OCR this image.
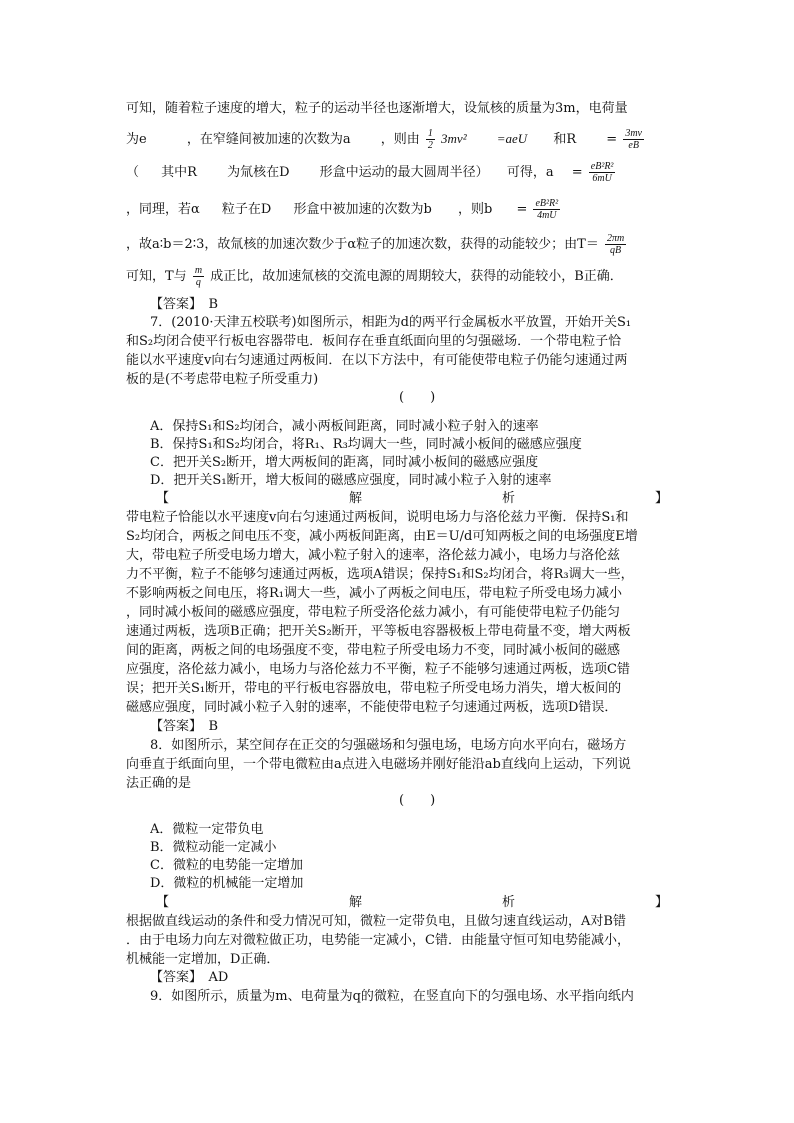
可知，随着粒子速度的增大，粒子的运动半径也逐渐增大，设氚核的质量为3m，电荷量
为e	，在窄缝间被加速的次数为a ，则由 $\frac{1}{2} 3mv^2 =aeU$ 和$R = \frac{3mv}{eB}$
（ 其中R 为氚核在D 形盒中运动的最大圆周半径） 可得，$a = \frac{\text{eB²R²}}{6mU}$
，同理，若α 粒子在D 形盒中被加速的次数为b ，则$b = \frac{\text{eB²R²}}{4mU}$
，故a∶b＝2∶3，故氚核的加速次数少于α粒子的加速次数，获得的动能较少；由$T= \frac{2\pi m}{qB}$
可知，T与 $\frac{m}{q}$ 成正比，故加速氚核的交流电源的周期较大，获得的动能较小，B正确．
【答案】　B
7．(2010·天津五校联考)如图所示，相距为d的两平行金属板水平放置，开始开关S₁
和S₂均闭合使平行板电容器带电．板间存在垂直纸面向里的匀强磁场．一个带电粒子恰
能以水平速度v向右匀速通过两板间．在以下方法中，有可能使带电粒子仍能匀速通过两
板的是(不考虑带电粒子所受重力)
(　　)
A．保持S₁和S₂均闭合，减小两板间距离，同时减小粒子射入的速率
B．保持S₁和S₂均闭合，将R₁、R₃均调大一些，同时减小板间的磁感应强度
C．把开关S₂断开，增大两板间的距离，同时减小板间的磁感应强度
D．把开关S₁断开，增大板间的磁感应强度，同时减小粒子入射的速率
【	解	析	】
带电粒子恰能以水平速度v向右匀速通过两板间，说明电场力与洛伦兹力平衡．保持S₁和
S₂均闭合，两板之间电压不变，减小两板间距离，由E＝U/d可知两板之间的电场强度E增
大，带电粒子所受电场力增大，减小粒子射入的速率，洛伦兹力减小，电场力与洛伦兹
力不平衡，粒子不能够匀速通过两板，选项A错误；保持S₁和S₂均闭合，将R₃调大一些，
不影响两板之间电压，将R₁调大一些，减小了两板之间电压，带电粒子所受电场力减小
，同时减小板间的磁感应强度，带电粒子所受洛伦兹力减小，有可能使带电粒子仍能匀
速通过两板，选项B正确；把开关S₂断开，平等板电容器极板上带电荷量不变，增大两板
间的距离，两板之间的电场强度不变，带电粒子所受电场力不变，同时减小板间的磁感
应强度，洛伦兹力减小，电场力与洛伦兹力不平衡，粒子不能够匀速通过两板，选项C错
误；把开关S₁断开，带电的平行板电容器放电，带电粒子所受电场力消失，增大板间的
磁感应强度，同时减小粒子入射的速率，不能使带电粒子匀速通过两板，选项D错误．
【答案】　B
8．如图所示，某空间存在正交的匀强磁场和匀强电场，电场方向水平向右，磁场方
向垂直于纸面向里，一个带电微粒由a点进入电磁场并刚好能沿ab直线向上运动，下列说
法正确的是
(　　)
A．微粒一定带负电
B．微粒动能一定减小
C．微粒的电势能一定增加
D．微粒的机械能一定增加
【	解	析	】
根据做直线运动的条件和受力情况可知，微粒一定带负电，且做匀速直线运动，A对B错
．由于电场力向左对微粒做正功，电势能一定减小，C错．由能量守恒可知电势能减小，
机械能一定增加，D正确．
【答案】　AD
9．如图所示，质量为m、电荷量为q的微粒，在竖直向下的匀强电场、水平指向纸内
